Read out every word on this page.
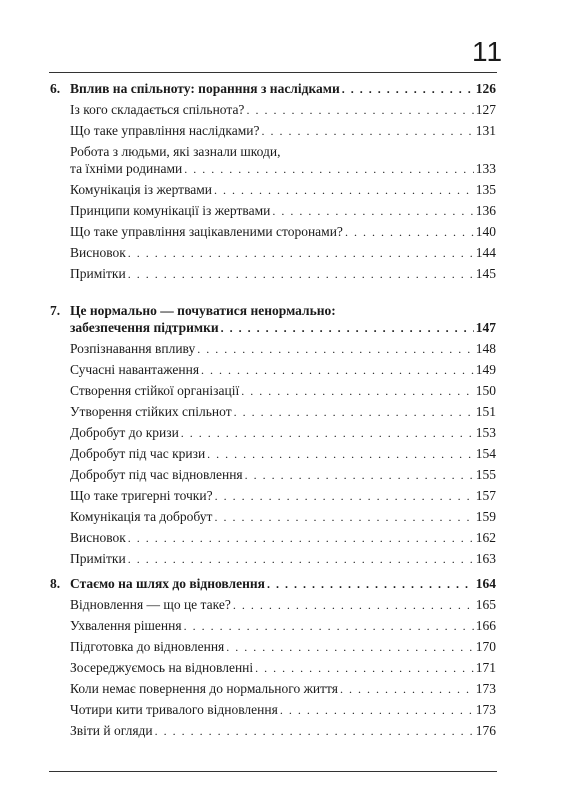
11
6. Вплив на спільноту: поранння з наслідками . . .	126
Із кого складається спільнота? . . .	127
Що таке управління наслідками? . . .	131
Робота з людьми, які зазнали шкоди,
та їхніми родинами . . .	133
Комунікація із жертвами . . .	135
Принципи комунікації із жертвами . . .	136
Що таке управління зацікавленими сторонами? . . .	140
Висновок . . .	144
Примітки . . .	145
7. Це нормально — почуватися ненормально:
забезпечення підтримки . . .	147
Розпізнавання впливу . . .	148
Сучасні навантаження . . .	149
Створення стійкої організації . . .	150
Утворення стійких спільнот . . .	151
Добробут до кризи . . .	153
Добробут під час кризи . . .	154
Добробут під час відновлення . . .	155
Що таке тригерні точки? . . .	157
Комунікація та добробут . . .	159
Висновок . . .	162
Примітки . . .	163
8. Стаємо на шлях до відновлення . . .	164
Відновлення — що це таке? . . .	165
Ухвалення рішення . . .	166
Підготовка до відновлення . . .	170
Зосереджуємось на відновленні . . .	171
Коли немає повернення до нормального життя . . .	173
Чотири кити тривалого відновлення . . .	173
Звіти й огляди . . .	176
